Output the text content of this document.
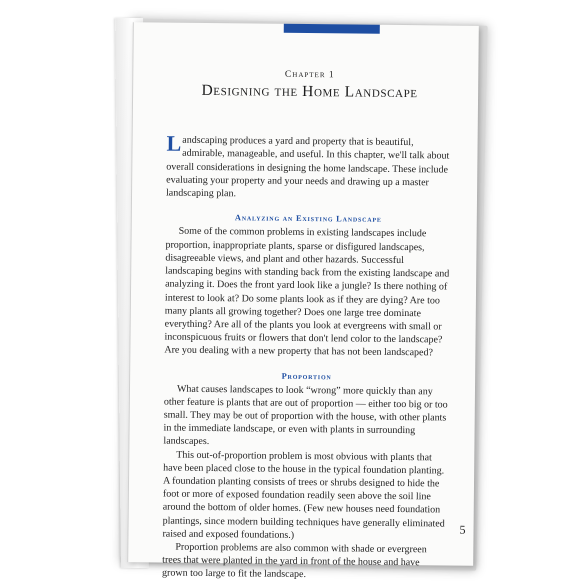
Chapter 1
Designing the Home Landscape
Landscaping produces a yard and property that is beautiful, admirable, manageable, and useful. In this chapter, we'll talk about overall considerations in designing the home landscape. These include evaluating your property and your needs and drawing up a master landscaping plan.
Analyzing an Existing Landscape

Some of the common problems in existing landscapes include proportion, inappropriate plants, sparse or disfigured landscapes, disagreeable views, and plant and other hazards. Successful landscaping begins with standing back from the existing landscape and analyzing it. Does the front yard look like a jungle? Is there nothing of interest to look at? Do some plants look as if they are dying? Are too many plants all growing together? Does one large tree dominate everything? Are all of the plants you look at evergreens with small or inconspicuous fruits or flowers that don't lend color to the landscape? Are you dealing with a new property that has not been landscaped?

Proportion

What causes landscapes to look “wrong” more quickly than any other feature is plants that are out of proportion — either too big or too small. They may be out of proportion with the house, with other plants in the immediate landscape, or even with plants in surrounding landscapes.

This out-of-proportion problem is most obvious with plants that have been placed close to the house in the typical foundation planting. A foundation planting consists of trees or shrubs designed to hide the foot or more of exposed foundation readily seen above the soil line around the bottom of older homes. (Few new houses need foundation plantings, since modern building techniques have generally eliminated raised and exposed foundations.)

Proportion problems are also common with shade or evergreen trees that were planted in the yard in front of the house and have grown too large to fit the landscape.

5
